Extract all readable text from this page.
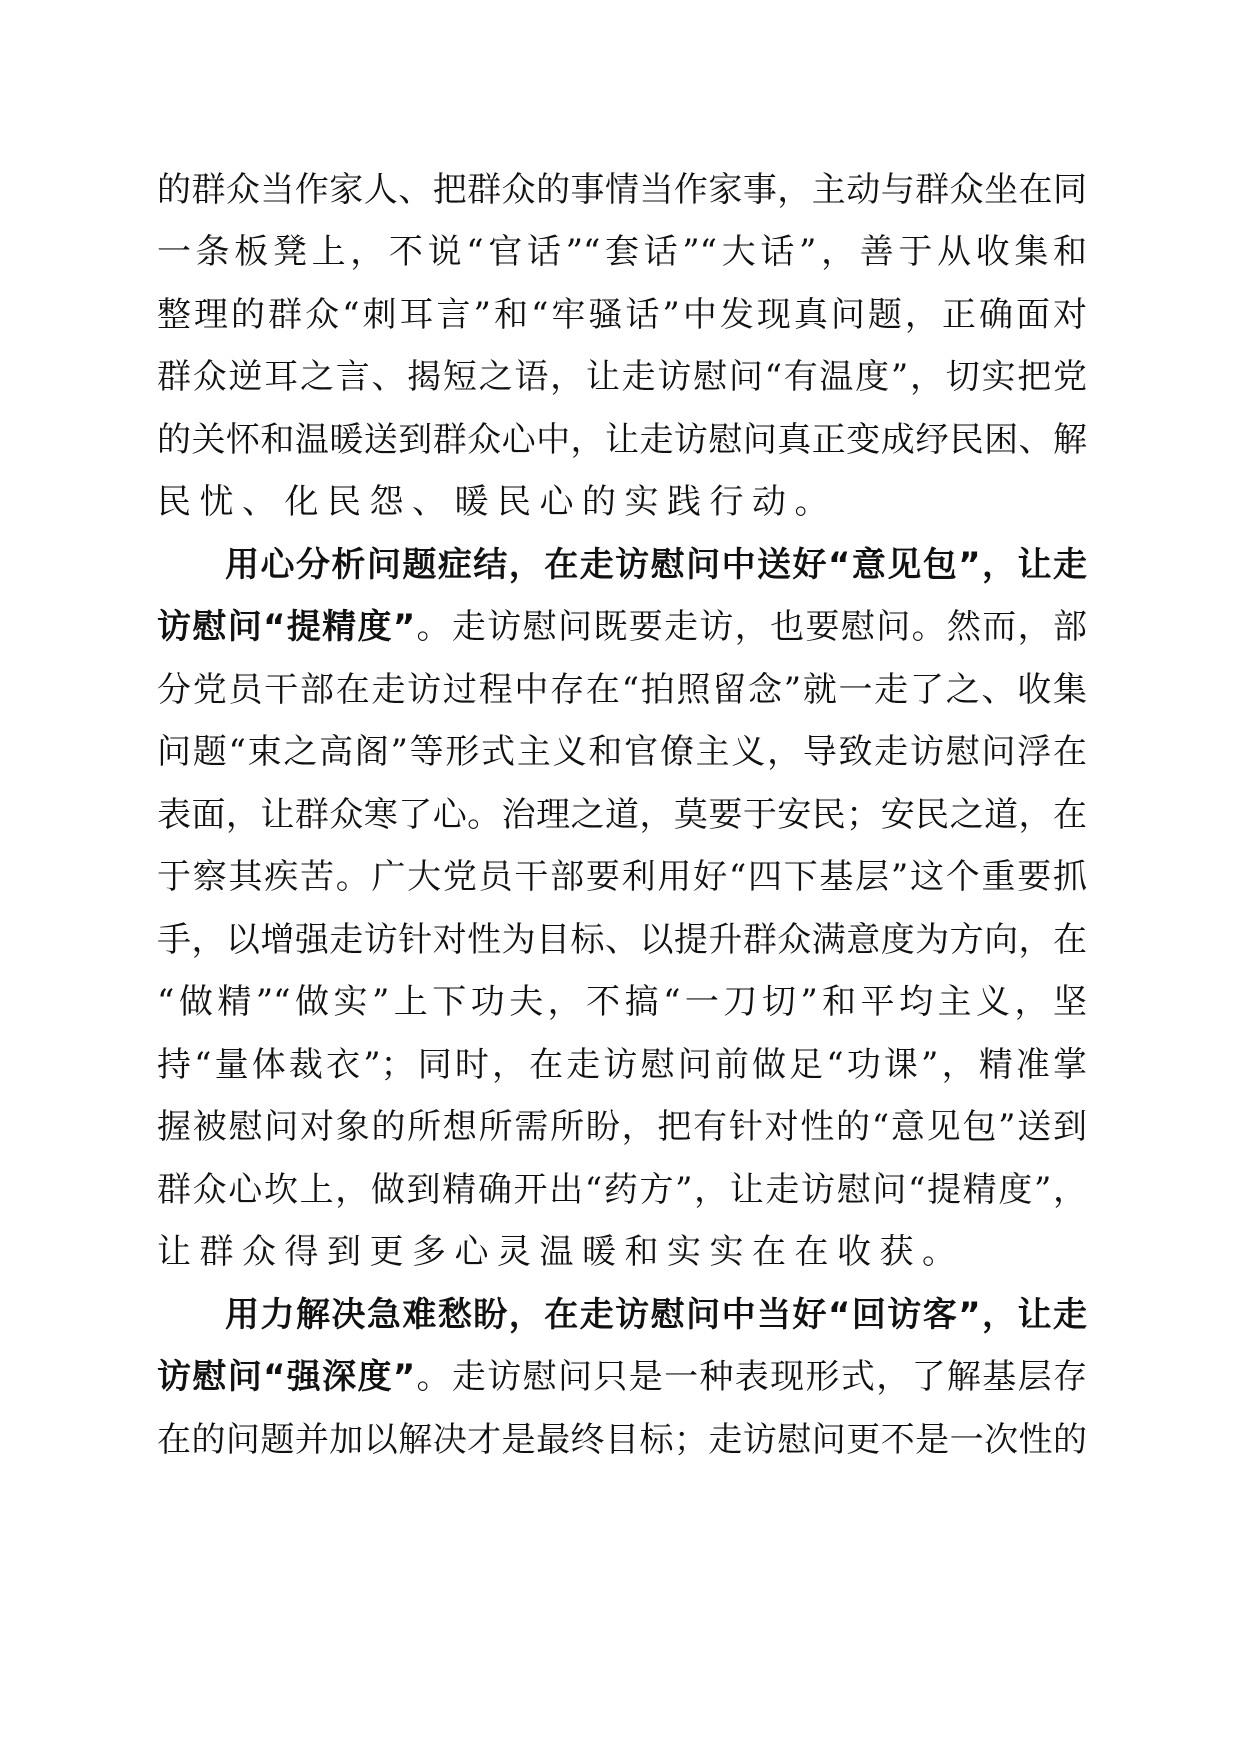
的群众当作家人、把群众的事情当作家事，主动与群众坐在同
一条板凳上，不说“官话”“套话”“大话”，善于从收集和
整理的群众“刺耳言”和“牢骚话”中发现真问题，正确面对
群众逆耳之言、揭短之语，让走访慰问“有温度”，切实把党
的关怀和温暖送到群众心中，让走访慰问真正变成纾民困、解
民忧、化民怨、暖民心的实践行动。
用心分析问题症结，在走访慰问中送好“意见包”，让走
访慰问“提精度”。走访慰问既要走访，也要慰问。然而，部
分党员干部在走访过程中存在“拍照留念”就一走了之、收集
问题“束之高阁”等形式主义和官僚主义，导致走访慰问浮在
表面，让群众寒了心。治理之道，莫要于安民；安民之道，在
于察其疾苦。广大党员干部要利用好“四下基层”这个重要抓
手，以增强走访针对性为目标、以提升群众满意度为方向，在
“做精”“做实”上下功夫，不搞“一刀切”和平均主义，坚
持“量体裁衣”；同时，在走访慰问前做足“功课”，精准掌
握被慰问对象的所想所需所盼，把有针对性的“意见包”送到
群众心坎上，做到精确开出“药方”，让走访慰问“提精度”，
让群众得到更多心灵温暖和实实在在收获。
用力解决急难愁盼，在走访慰问中当好“回访客”，让走
访慰问“强深度”。走访慰问只是一种表现形式，了解基层存
在的问题并加以解决才是最终目标；走访慰问更不是一次性的
